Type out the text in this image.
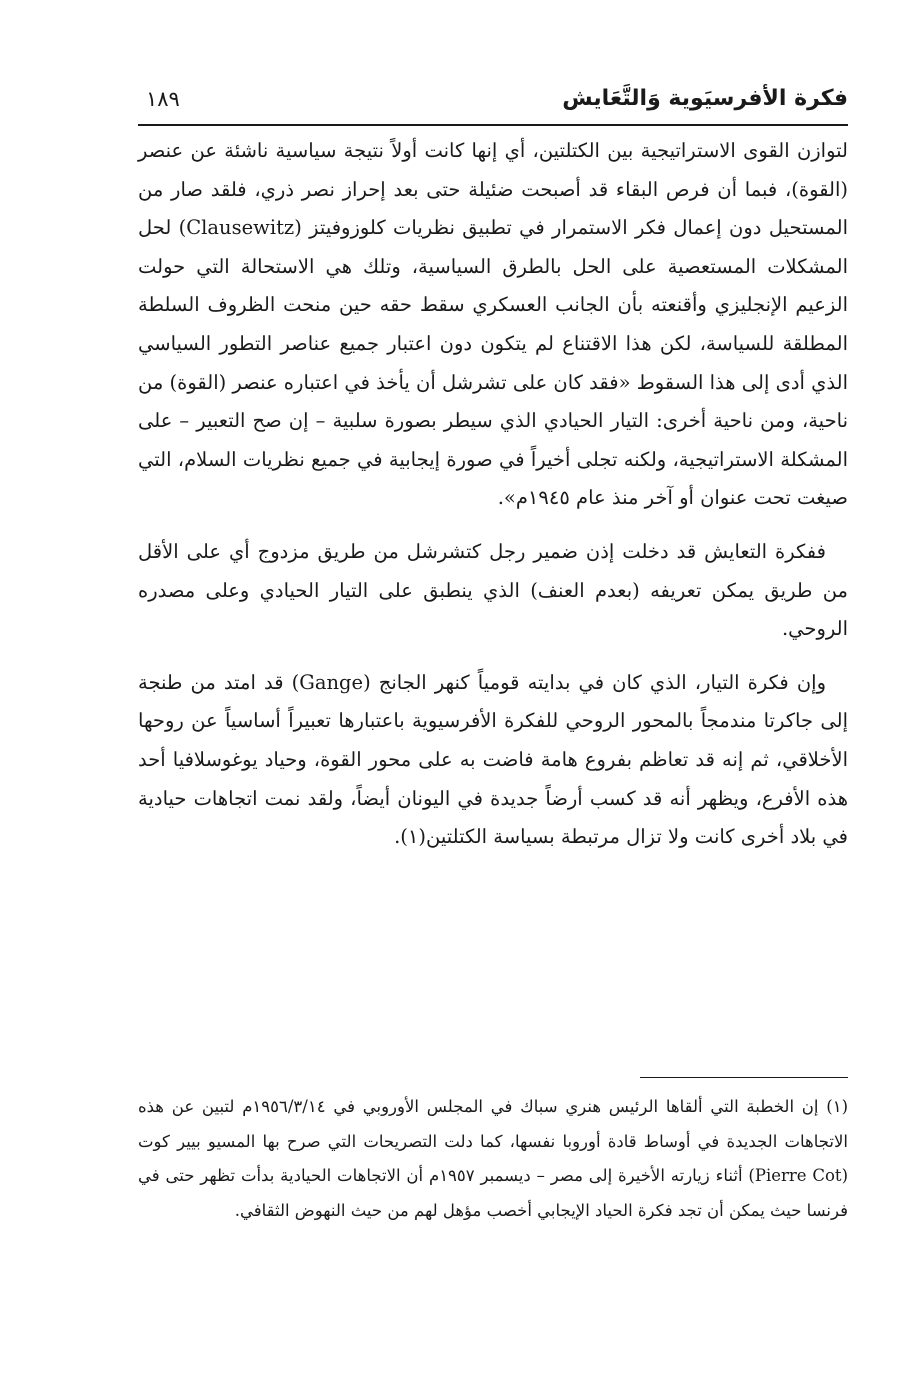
فكرة الأفرسيَوية وَالتَّعَايش
١٨٩

لتوازن القوى الاستراتيجية بين الكتلتين، أي إنها كانت أولاً نتيجة سياسية ناشئة عن عنصر (القوة)، فبما أن فرص البقاء قد أصبحت ضئيلة حتى بعد إحراز نصر ذري، فلقد صار من المستحيل دون إعمال فكر الاستمرار في تطبيق نظريات كلوزوفيتز (Clausewitz) لحل المشكلات المستعصية على الحل بالطرق السياسية، وتلك هي الاستحالة التي حولت الزعيم الإنجليزي وأقنعته بأن الجانب العسكري سقط حقه حين منحت الظروف السلطة المطلقة للسياسة، لكن هذا الاقتناع لم يتكون دون اعتبار جميع عناصر التطور السياسي الذي أدى إلى هذا السقوط «فقد كان على تشرشل أن يأخذ في اعتباره عنصر (القوة) من ناحية، ومن ناحية أخرى: التيار الحيادي الذي سيطر بصورة سلبية – إن صح التعبير – على المشكلة الاستراتيجية، ولكنه تجلى أخيراً في صورة إيجابية في جميع نظريات السلام، التي صيغت تحت عنوان أو آخر منذ عام ١٩٤٥م».

ففكرة التعايش قد دخلت إذن ضمير رجل كتشرشل من طريق مزدوج أي على الأقل من طريق يمكن تعريفه (بعدم العنف) الذي ينطبق على التيار الحيادي وعلى مصدره الروحي.

وإن فكرة التيار، الذي كان في بدايته قومياً كنهر الجانج (Gange) قد امتد من طنجة إلى جاكرتا مندمجاً بالمحور الروحي للفكرة الأفرسيوية باعتبارها تعبيراً أساسياً عن روحها الأخلاقي، ثم إنه قد تعاظم بفروع هامة فاضت به على محور القوة، وحياد يوغوسلافيا أحد هذه الأفرع، ويظهر أنه قد كسب أرضاً جديدة في اليونان أيضاً، ولقد نمت اتجاهات حيادية في بلاد أخرى كانت ولا تزال مرتبطة بسياسة الكتلتين(١).

(١) إن الخطبة التي ألقاها الرئيس هنري سباك في المجلس الأوروبي في ١٩٥٦/٣/١٤م لتبين عن هذه الاتجاهات الجديدة في أوساط قادة أوروبا نفسها، كما دلت التصريحات التي صرح بها المسيو بيير كوت (Pierre Cot) أثناء زيارته الأخيرة إلى مصر – ديسمبر ١٩٥٧م أن الاتجاهات الحيادية بدأت تظهر حتى في فرنسا حيث يمكن أن تجد فكرة الحياد الإيجابي أخصب مؤهل لهم من حيث النهوض الثقافي.
